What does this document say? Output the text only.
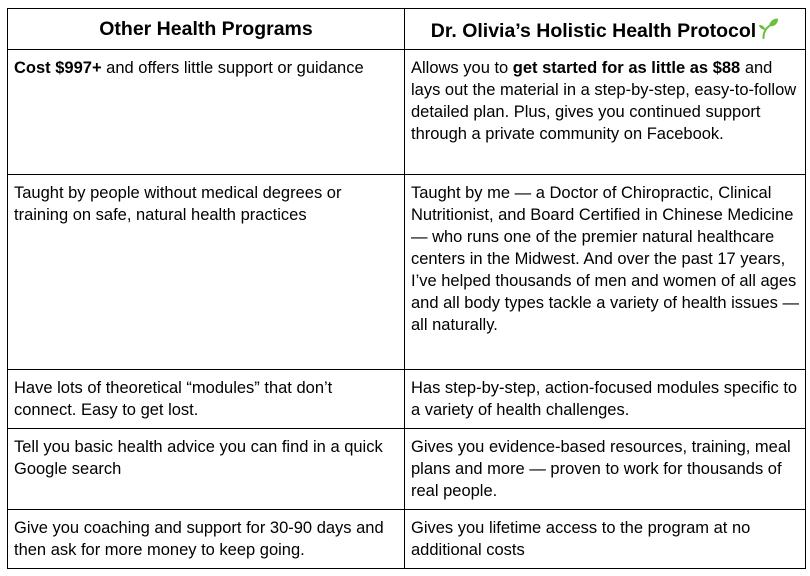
Other Health Programs	Dr. Olivia’s Holistic Health Protocol
Cost $997+ and offers little support or guidance	Allows you to get started for as little as $88 and lays out the material in a step-by-step, easy-to-follow detailed plan. Plus, gives you continued support through a private community on Facebook.
Taught by people without medical degrees or training on safe, natural health practices	Taught by me — a Doctor of Chiropractic, Clinical Nutritionist, and Board Certified in Chinese Medicine — who runs one of the premier natural healthcare centers in the Midwest. And over the past 17 years, I’ve helped thousands of men and women of all ages and all body types tackle a variety of health issues — all naturally.
Have lots of theoretical “modules” that don’t connect. Easy to get lost.	Has step-by-step, action-focused modules specific to a variety of health challenges.
Tell you basic health advice you can find in a quick Google search	Gives you evidence-based resources, training, meal plans and more — proven to work for thousands of real people.
Give you coaching and support for 30-90 days and then ask for more money to keep going.	Gives you lifetime access to the program at no additional costs
